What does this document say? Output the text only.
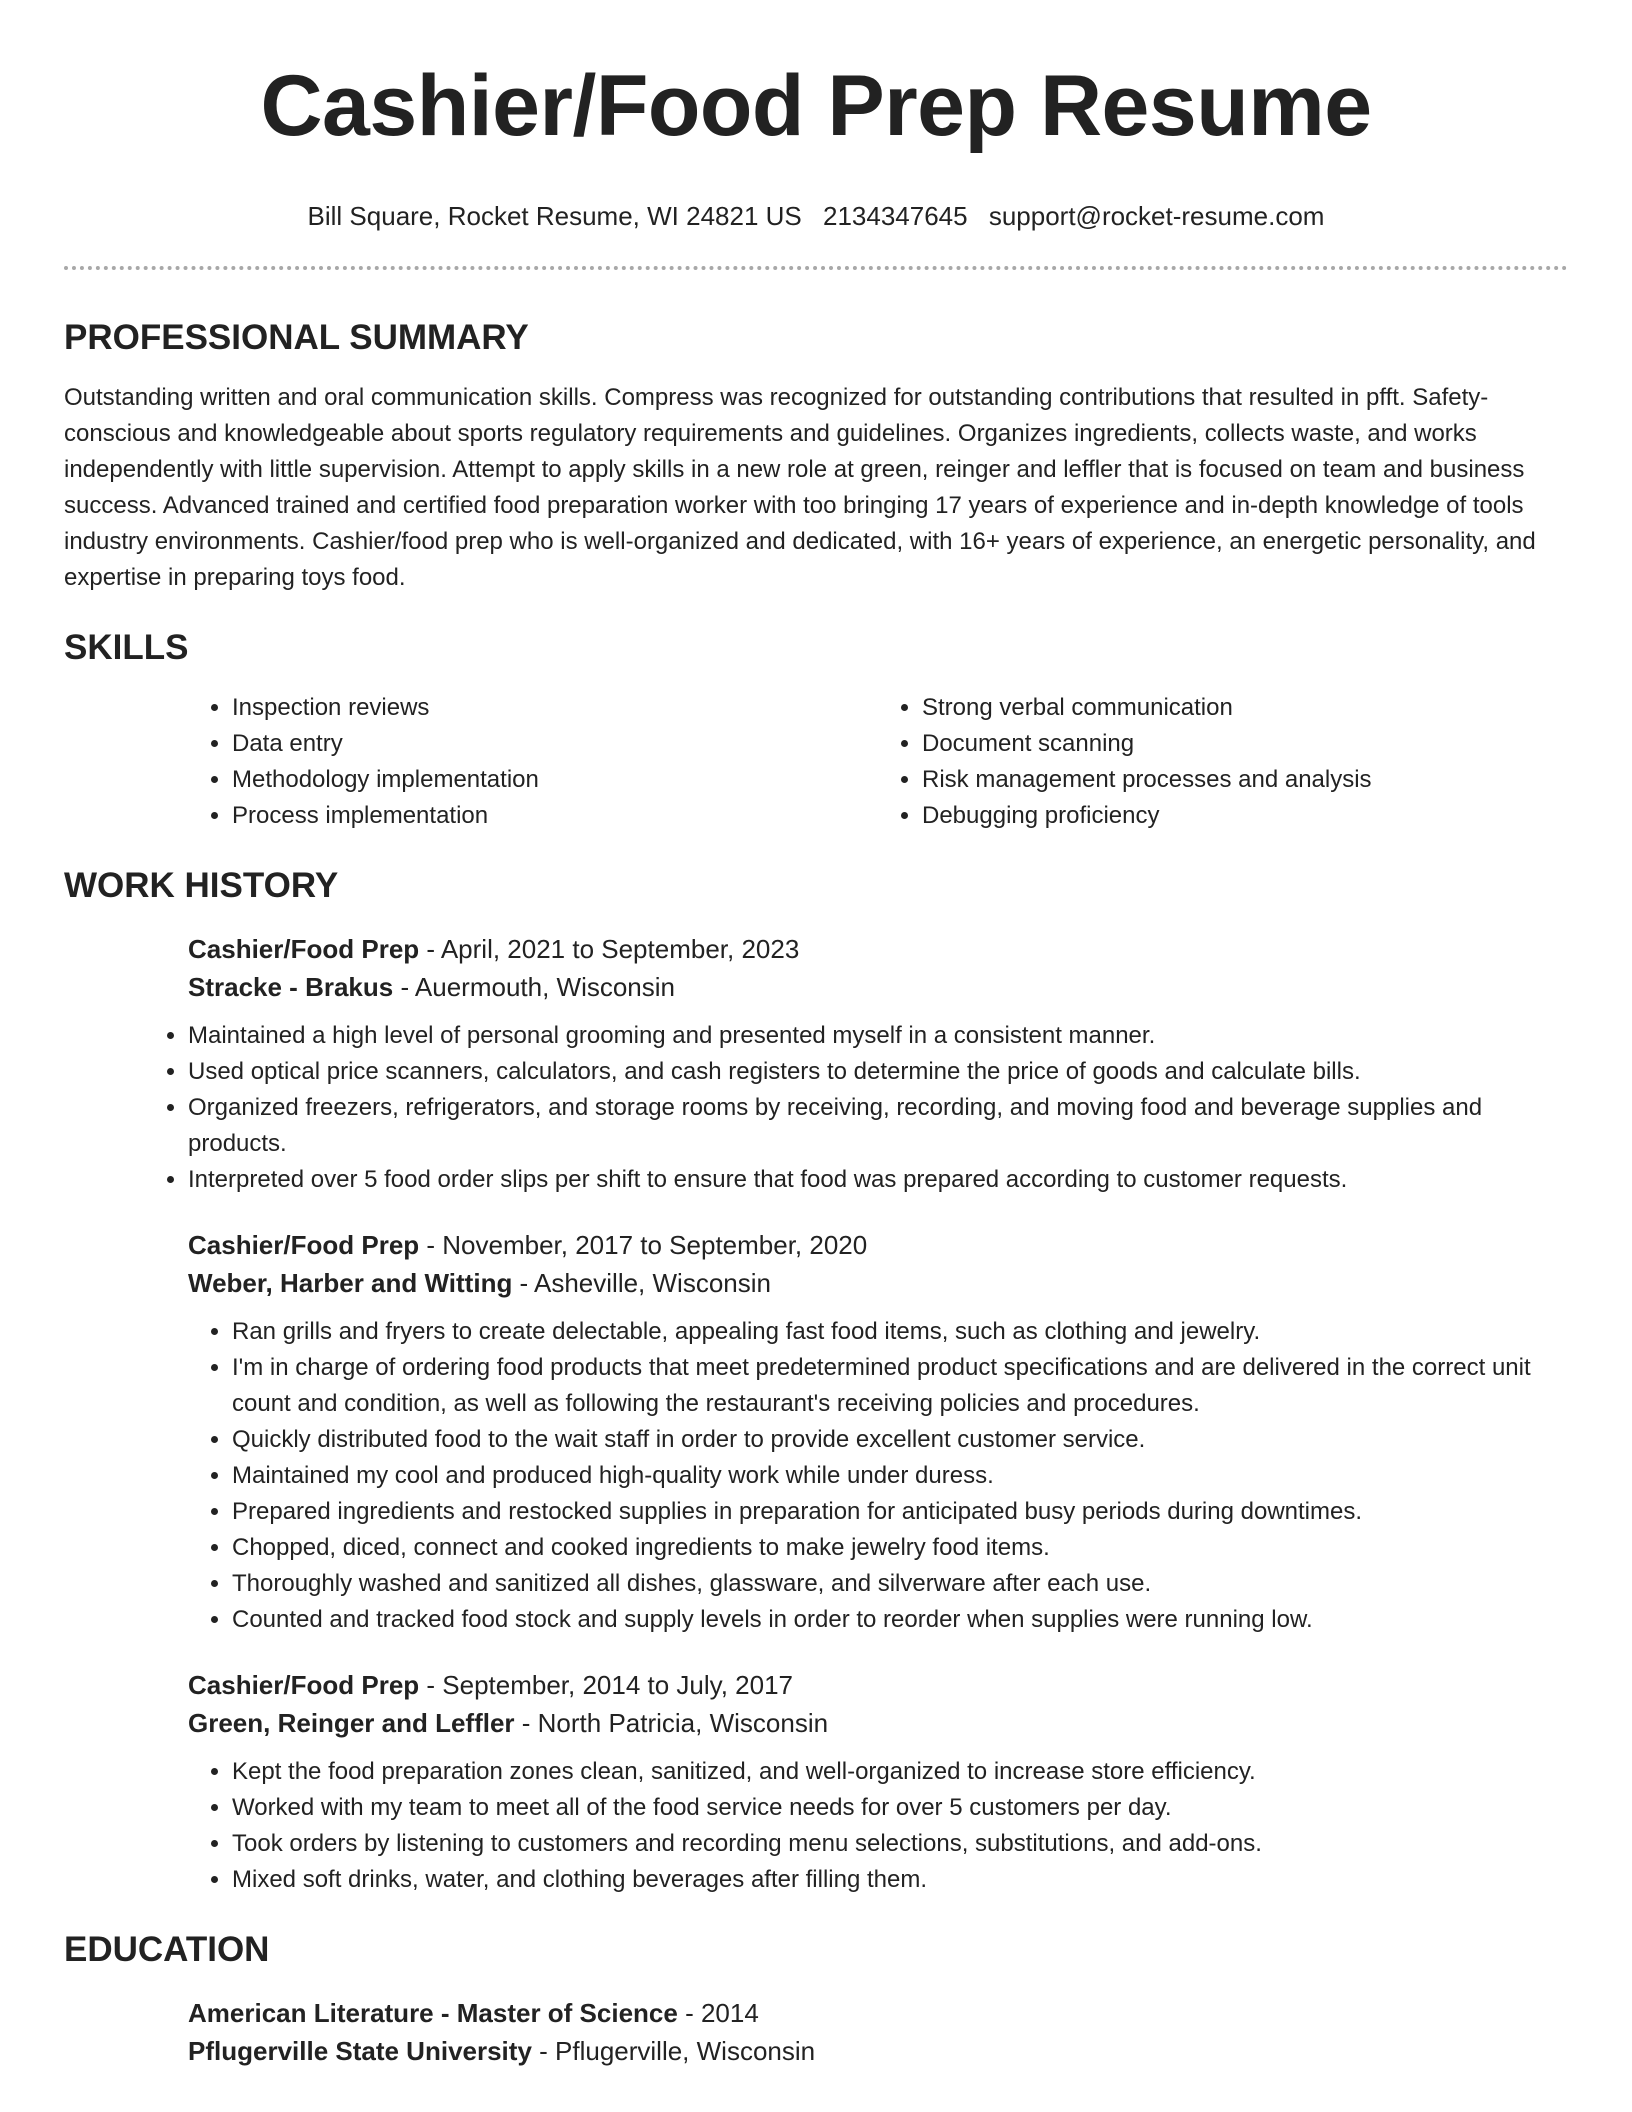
Cashier/Food Prep Resume
Bill Square, Rocket Resume, WI 24821 US 2134347645 support@rocket-resume.com
PROFESSIONAL SUMMARY

Outstanding written and oral communication skills. Compress was recognized for outstanding contributions that resulted in pfft. Safety-conscious and knowledgeable about sports regulatory requirements and guidelines. Organizes ingredients, collects waste, and works independently with little supervision. Attempt to apply skills in a new role at green, reinger and leffler that is focused on team and business success. Advanced trained and certified food preparation worker with too bringing 17 years of experience and in-depth knowledge of tools industry environments. Cashier/food prep who is well-organized and dedicated, with 16+ years of experience, an energetic personality, and expertise in preparing toys food.

SKILLS
• Inspection reviews
• Data entry
• Methodology implementation
• Process implementation
• Strong verbal communication
• Document scanning
• Risk management processes and analysis
• Debugging proficiency
WORK HISTORY
Cashier/Food Prep - April, 2021 to September, 2023
Stracke - Brakus - Auermouth, Wisconsin
• Maintained a high level of personal grooming and presented myself in a consistent manner.
• Used optical price scanners, calculators, and cash registers to determine the price of goods and calculate bills.
• Organized freezers, refrigerators, and storage rooms by receiving, recording, and moving food and beverage supplies and products.
• Interpreted over 5 food order slips per shift to ensure that food was prepared according to customer requests.
Cashier/Food Prep - November, 2017 to September, 2020
Weber, Harber and Witting - Asheville, Wisconsin
• Ran grills and fryers to create delectable, appealing fast food items, such as clothing and jewelry.
• I'm in charge of ordering food products that meet predetermined product specifications and are delivered in the correct unit count and condition, as well as following the restaurant's receiving policies and procedures.
• Quickly distributed food to the wait staff in order to provide excellent customer service.
• Maintained my cool and produced high-quality work while under duress.
• Prepared ingredients and restocked supplies in preparation for anticipated busy periods during downtimes.
• Chopped, diced, connect and cooked ingredients to make jewelry food items.
• Thoroughly washed and sanitized all dishes, glassware, and silverware after each use.
• Counted and tracked food stock and supply levels in order to reorder when supplies were running low.
Cashier/Food Prep - September, 2014 to July, 2017
Green, Reinger and Leffler - North Patricia, Wisconsin
• Kept the food preparation zones clean, sanitized, and well-organized to increase store efficiency.
• Worked with my team to meet all of the food service needs for over 5 customers per day.
• Took orders by listening to customers and recording menu selections, substitutions, and add-ons.
• Mixed soft drinks, water, and clothing beverages after filling them.
EDUCATION
American Literature - Master of Science - 2014
Pflugerville State University - Pflugerville, Wisconsin
